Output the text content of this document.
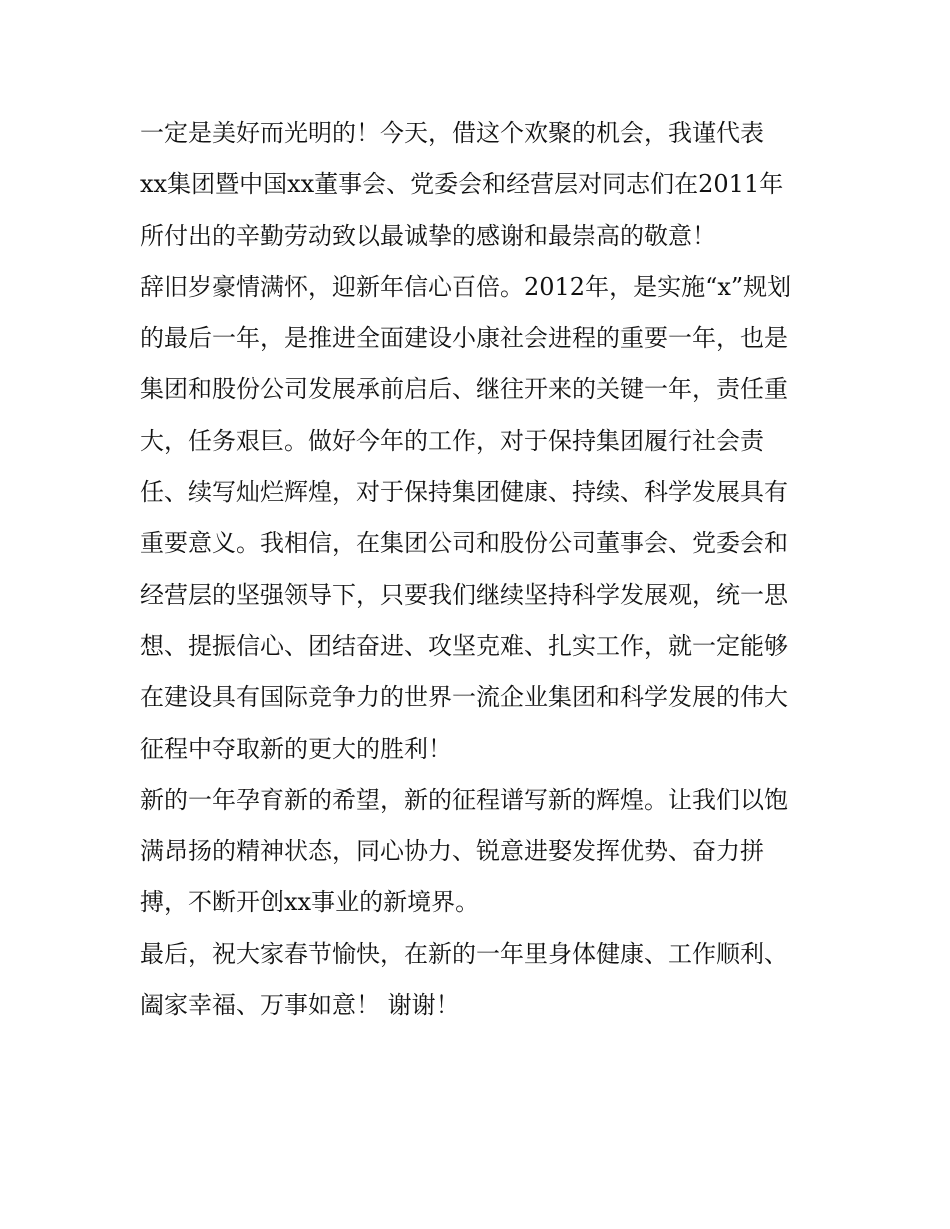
一定是美好而光明的！今天，借这个欢聚的机会，我谨代表
xx集团暨中国xx董事会、党委会和经营层对同志们在2011年
所付出的辛勤劳动致以最诚挚的感谢和最崇高的敬意！
辞旧岁豪情满怀，迎新年信心百倍。2012年，是实施“x”规划
的最后一年，是推进全面建设小康社会进程的重要一年，也是
集团和股份公司发展承前启后、继往开来的关键一年，责任重
大，任务艰巨。做好今年的工作，对于保持集团履行社会责
任、续写灿烂辉煌，对于保持集团健康、持续、科学发展具有
重要意义。我相信，在集团公司和股份公司董事会、党委会和
经营层的坚强领导下，只要我们继续坚持科学发展观，统一思
想、提振信心、团结奋进、攻坚克难、扎实工作，就一定能够
在建设具有国际竞争力的世界一流企业集团和科学发展的伟大
征程中夺取新的更大的胜利！
新的一年孕育新的希望，新的征程谱写新的辉煌。让我们以饱
满昂扬的精神状态，同心协力、锐意进娶发挥优势、奋力拼
搏，不断开创xx事业的新境界。
最后，祝大家春节愉快，在新的一年里身体健康、工作顺利、
阖家幸福、万事如意！ 谢谢！
